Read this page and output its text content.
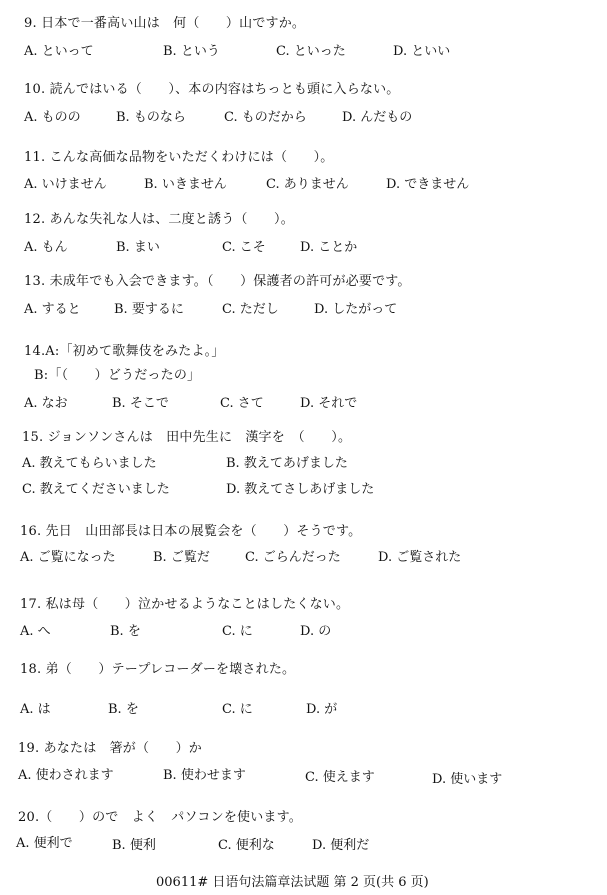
9. 日本で一番高い山は　何（　　）山ですか。
A. といって	B. という	C. といった	D. といい
10. 読んではいる（　　）、本の内容はちっとも頭に入らない。
A. ものの	B. ものなら	C. ものだから	D. んだもの
11. こんな高価な品物をいただくわけには（　　）。
A. いけません	B. いきません	C. ありません	D. できません
12. あんな失礼な人は、二度と誘う（　　）。
A. もん	B. まい	C. こそ	D. ことか
13. 未成年でも入会できます。（　　）保護者の許可が必要です。
A. すると	B. 要するに	C. ただし	D. したがって
14.A:「初めて歌舞伎をみたよ。」
B:「（　　）どうだったの」
A. なお	B. そこで	C. さて	D. それで
15. ジョンソンさんは　田中先生に　漢字を　（　　）。
A. 教えてもらいました	B. 教えてあげました
C. 教えてくださいました	D. 教えてさしあげました
16. 先日　山田部長は日本の展覧会を（　　）そうです。
A. ご覧になった	B. ご覧だ	C. ごらんだった	D. ご覧された
17. 私は母（　　）泣かせるようなことはしたくない。
A. へ	B. を	C. に	D. の
18. 弟（　　）テープレコーダーを壊された。
A. は	B. を	C. に	D. が
19. あなたは　箸が（　　）か
A. 使わされます	B. 使わせます	C. 使えます	D. 使います
20.（　　）ので　よく　パソコンを使います。
A. 便利で	B. 便利	C. 便利な	D. 便利だ
00611# 日语句法篇章法试题 第 2 页(共 6 页)
